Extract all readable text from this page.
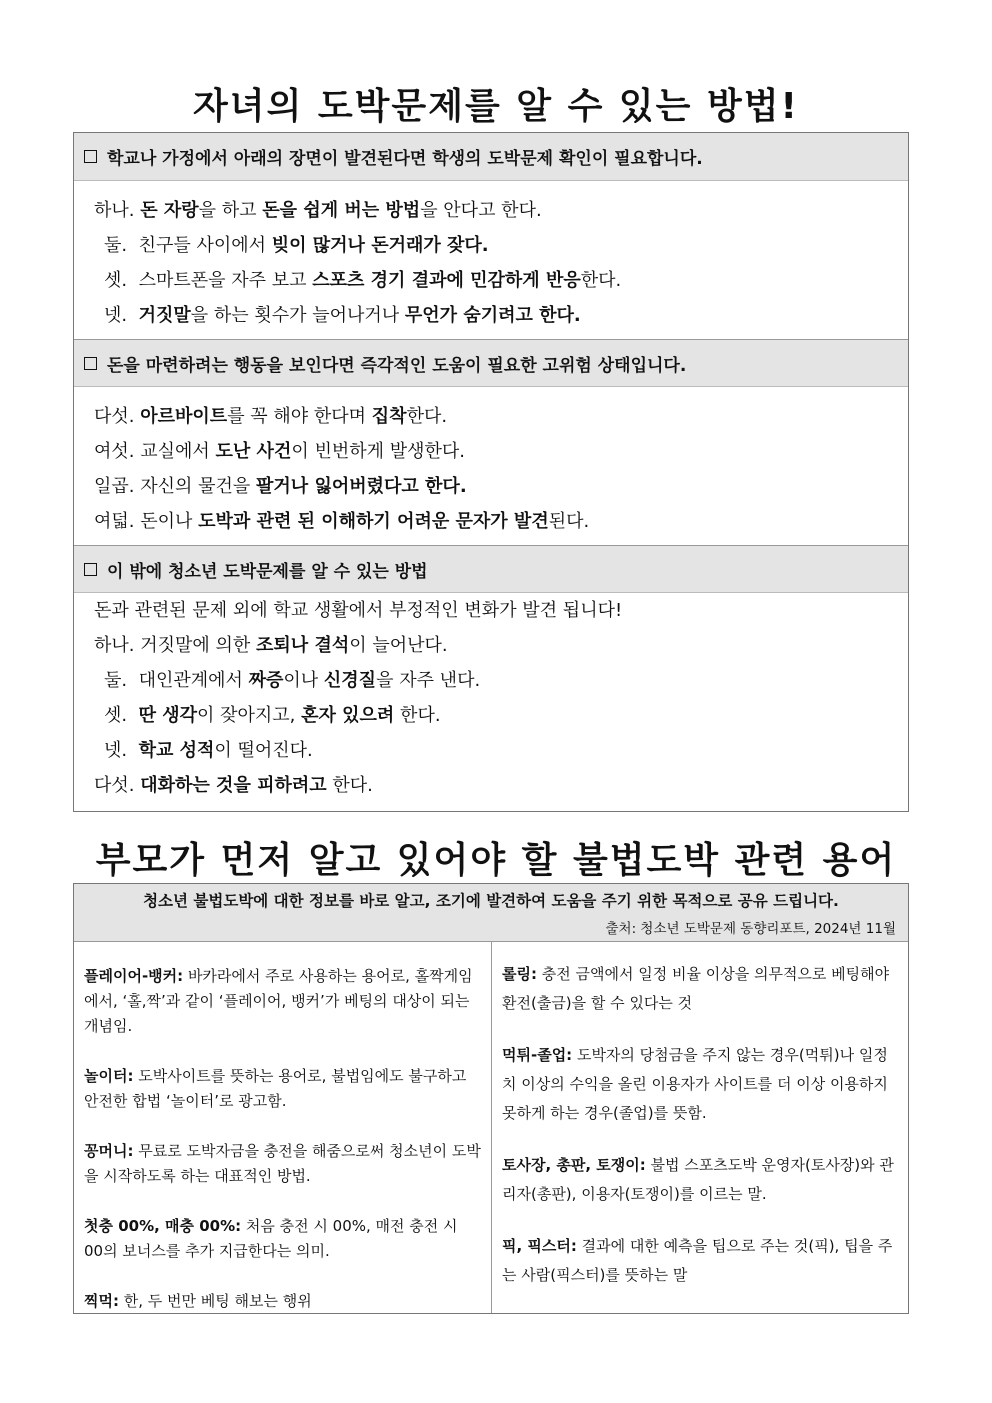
자녀의 도박문제를 알 수 있는 방법!
학교나 가정에서 아래의 장면이 발견된다면 학생의 도박문제 확인이 필요합니다.
하나. 돈 자랑을 하고 돈을 쉽게 버는 방법을 안다고 한다.
둘.  친구들 사이에서 빚이 많거나 돈거래가 잦다.
셋.  스마트폰을 자주 보고 스포츠 경기 결과에 민감하게 반응한다.
넷.  거짓말을 하는 횟수가 늘어나거나 무언가 숨기려고 한다.
돈을 마련하려는 행동을 보인다면 즉각적인 도움이 필요한 고위험 상태입니다.
다섯. 아르바이트를 꼭 해야 한다며 집착한다.
여섯. 교실에서 도난 사건이 빈번하게 발생한다.
일곱. 자신의 물건을 팔거나 잃어버렸다고 한다.
여덟. 돈이나 도박과 관련 된 이해하기 어려운 문자가 발견된다.
이 밖에 청소년 도박문제를 알 수 있는 방법
돈과 관련된 문제 외에 학교 생활에서 부정적인 변화가 발견 됩니다!
하나. 거짓말에 의한 조퇴나 결석이 늘어난다.
둘.  대인관계에서 짜증이나 신경질을 자주 낸다.
셋.  딴 생각이 잦아지고, 혼자 있으려 한다.
넷.  학교 성적이 떨어진다.
다섯. 대화하는 것을 피하려고 한다.
부모가 먼저 알고 있어야 할 불법도박 관련 용어
청소년 불법도박에 대한 정보를 바로 알고, 조기에 발견하여 도움을 주기 위한 목적으로 공유 드립니다.
출처: 청소년 도박문제 동향리포트, 2024년 11월
플레이어-뱅커: 바카라에서 주로 사용하는 용어로, 홀짝게임에서, ‘홀,짝’과 같이 ‘플레이어, 뱅커’가 베팅의 대상이 되는 개념임.
놀이터: 도박사이트를 뜻하는 용어로, 불법임에도 불구하고 안전한 합법 ‘놀이터’로 광고함.
꽁머니: 무료로 도박자금을 충전을 해줌으로써 청소년이 도박을 시작하도록 하는 대표적인 방법.
첫충 00%, 매충 00%: 처음 충전 시 00%, 매전 충전 시 00의 보너스를 추가 지급한다는 의미.
찍먹: 한, 두 번만 베팅 해보는 행위
롤링: 충전 금액에서 일정 비율 이상을 의무적으로 베팅해야 환전(출금)을 할 수 있다는 것
먹튀-졸업: 도박자의 당첨금을 주지 않는 경우(먹튀)나 일정 치 이상의 수익을 올린 이용자가 사이트를 더 이상 이용하지 못하게 하는 경우(졸업)를 뜻함.
토사장, 총판, 토쟁이: 불법 스포츠도박 운영자(토사장)와 관리자(총판), 이용자(토쟁이)를 이르는 말.
픽, 픽스터: 결과에 대한 예측을 팁으로 주는 것(픽), 팁을 주는 사람(픽스터)를 뜻하는 말
